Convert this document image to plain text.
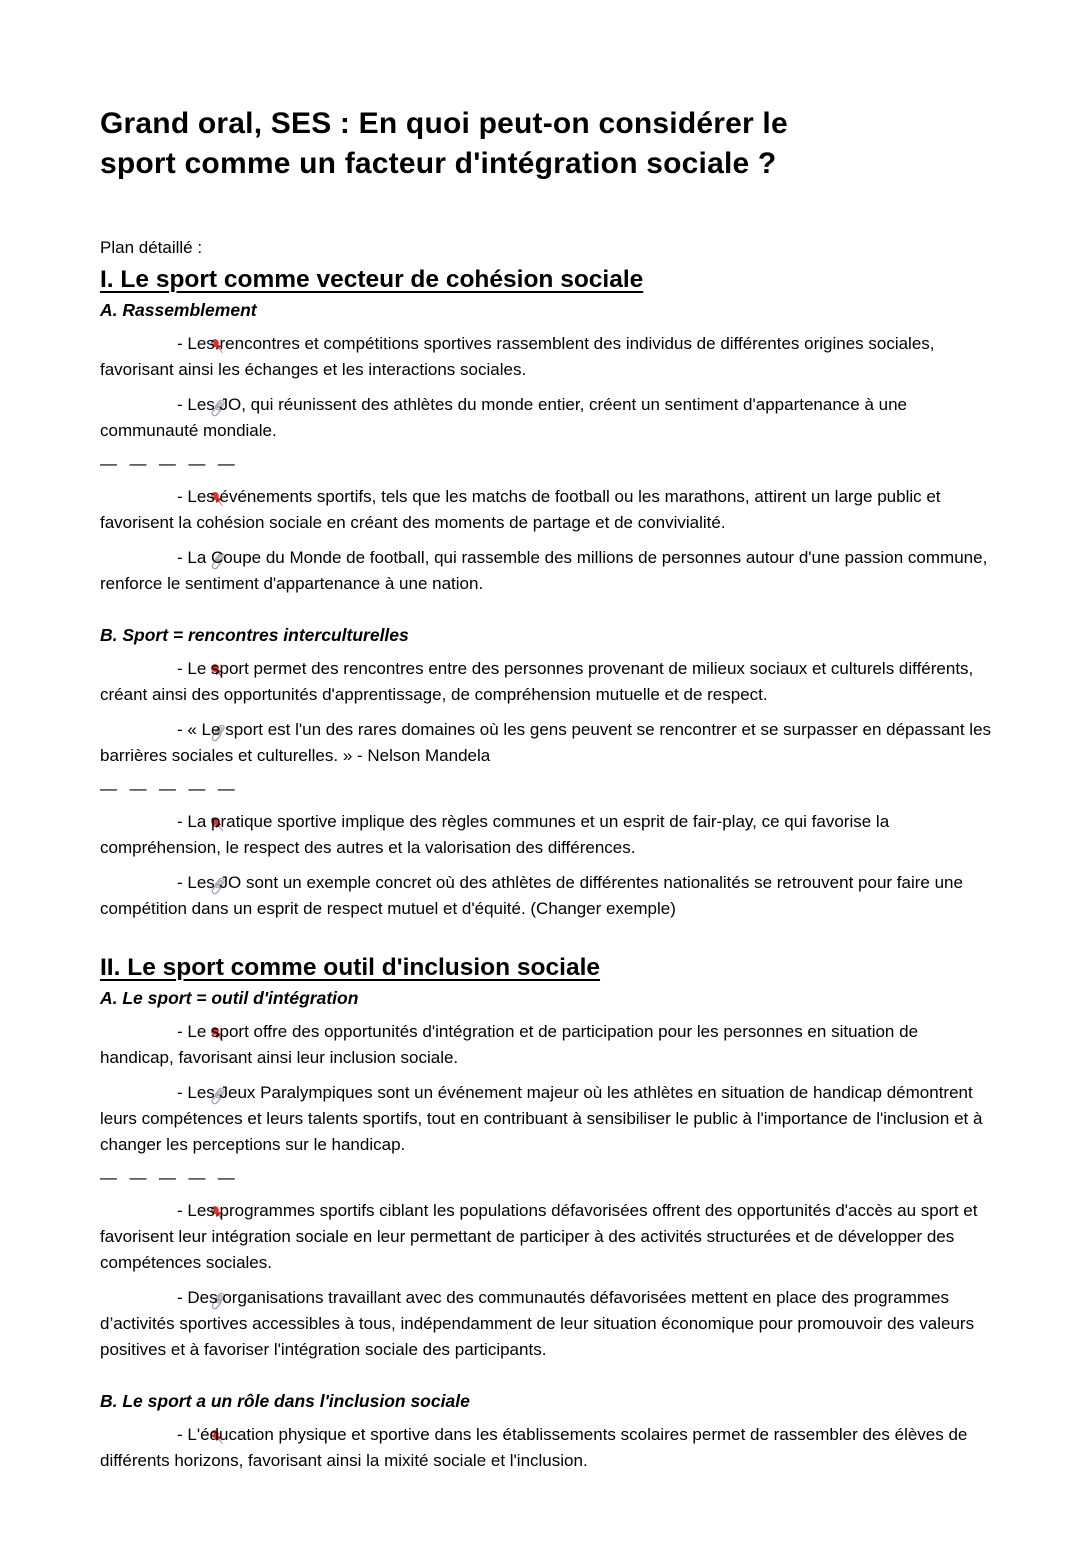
Grand oral, SES : En quoi peut-on considérer le
sport comme un facteur d'intégration sociale ?

Plan détaillé :

I. Le sport comme vecteur de cohésion sociale
A. Rassemblement

- Les rencontres et compétitions sportives rassemblent des individus de différentes origines sociales, favorisant ainsi les échanges et les interactions sociales.

- Les JO, qui réunissent des athlètes du monde entier, créent un sentiment d'appartenance à une communauté mondiale.

—  —  —  —  —

- Les événements sportifs, tels que les matchs de football ou les marathons, attirent un large public et favorisent la cohésion sociale en créant des moments de partage et de convivialité.

- La Coupe du Monde de football, qui rassemble des millions de personnes autour d'une passion commune, renforce le sentiment d'appartenance à une nation.

B. Sport = rencontres interculturelles

- Le sport permet des rencontres entre des personnes provenant de milieux sociaux et culturels différents, créant ainsi des opportunités d'apprentissage, de compréhension mutuelle et de respect.

- « Le sport est l'un des rares domaines où les gens peuvent se rencontrer et se surpasser en dépassant les barrières sociales et culturelles. » - Nelson Mandela

—  —  —  —  —

- La pratique sportive implique des règles communes et un esprit de fair-play, ce qui favorise la compréhension, le respect des autres et la valorisation des différences.

- Les JO sont un exemple concret où des athlètes de différentes nationalités se retrouvent pour faire une compétition dans un esprit de respect mutuel et d'équité. (Changer exemple)

II. Le sport comme outil d'inclusion sociale
A. Le sport = outil d'intégration

- Le sport offre des opportunités d'intégration et de participation pour les personnes en situation de handicap, favorisant ainsi leur inclusion sociale.

- Les Jeux Paralympiques sont un événement majeur où les athlètes en situation de handicap démontrent leurs compétences et leurs talents sportifs, tout en contribuant à sensibiliser le public à l'importance de l'inclusion et à changer les perceptions sur le handicap.

—  —  —  —  —

- Les programmes sportifs ciblant les populations défavorisées offrent des opportunités d'accès au sport et favorisent leur intégration sociale en leur permettant de participer à des activités structurées et de développer des compétences sociales.

- Des organisations travaillant avec des communautés défavorisées mettent en place des programmes d’activités sportives accessibles à tous, indépendamment de leur situation économique pour promouvoir des valeurs positives et à favoriser l'intégration sociale des participants.

B. Le sport a un rôle dans l'inclusion sociale

- L'éducation physique et sportive dans les établissements scolaires permet de rassembler des élèves de différents horizons, favorisant ainsi la mixité sociale et l'inclusion.
